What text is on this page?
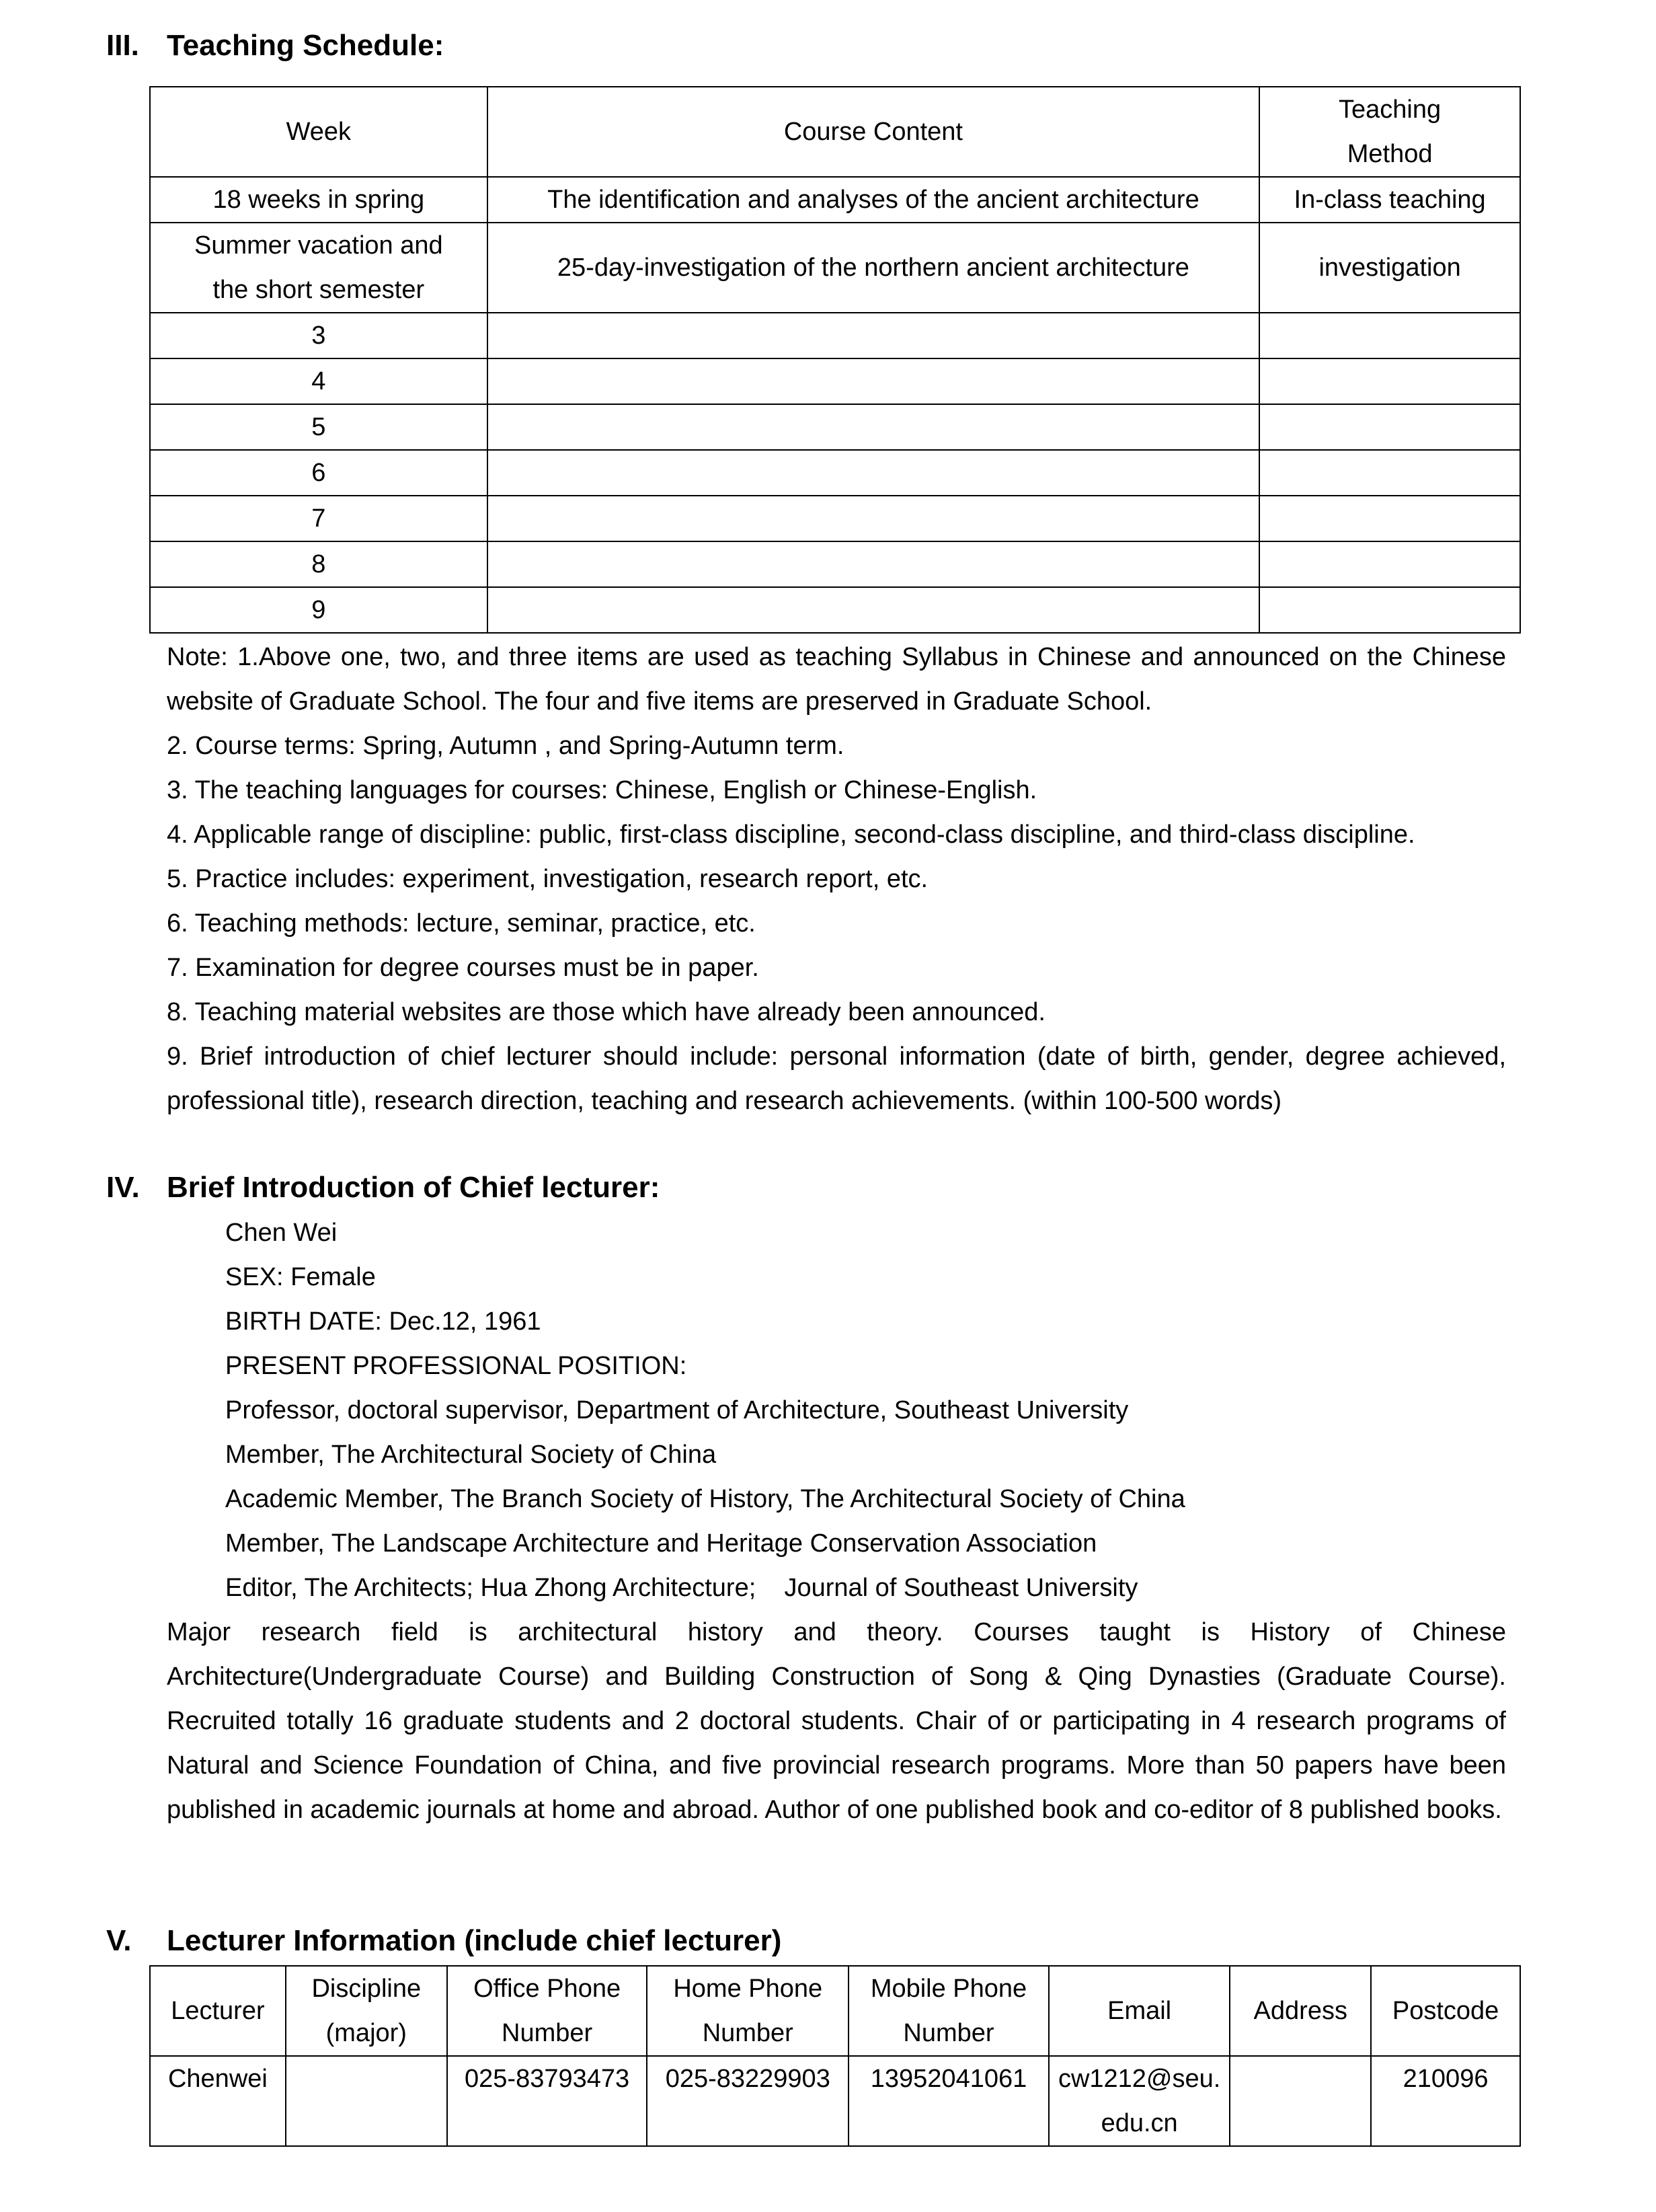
III. Teaching Schedule:
Week	Course Content	Teaching Method
18 weeks in spring	The identification and analyses of the ancient architecture	In-class teaching
Summer vacation and the short semester	25-day-investigation of the northern ancient architecture	investigation
3		
4		
5		
6		
7		
8		
9		

Note: 1.Above one, two, and three items are used as teaching Syllabus in Chinese and announced on the Chinese website of Graduate School. The four and five items are preserved in Graduate School.

2. Course terms: Spring, Autumn , and Spring-Autumn term.

3. The teaching languages for courses: Chinese, English or Chinese-English.

4. Applicable range of discipline: public, first-class discipline, second-class discipline, and third-class discipline.

5. Practice includes: experiment, investigation, research report, etc.

6. Teaching methods: lecture, seminar, practice, etc.

7. Examination for degree courses must be in paper.

8. Teaching material websites are those which have already been announced.

9. Brief introduction of chief lecturer should include: personal information (date of birth, gender, degree achieved, professional title), research direction, teaching and research achievements. (within 100-500 words)

IV. Brief Introduction of Chief lecturer:

Chen Wei

SEX: Female

BIRTH DATE: Dec.12, 1961

PRESENT PROFESSIONAL POSITION:

Professor, doctoral supervisor, Department of Architecture, Southeast University

Member, The Architectural Society of China

Academic Member, The Branch Society of History, The Architectural Society of China

Member, The Landscape Architecture and Heritage Conservation Association

Editor, The Architects; Hua Zhong Architecture;    Journal of Southeast University

Major research field is architectural history and theory. Courses taught is History of Chinese Architecture(Undergraduate Course) and Building Construction of Song & Qing Dynasties (Graduate Course). Recruited totally 16 graduate students and 2 doctoral students. Chair of or participating in 4 research programs of Natural and Science Foundation of China, and five provincial research programs. More than 50 papers have been published in academic journals at home and abroad. Author of one published book and co-editor of 8 published books.

V. Lecturer Information (include chief lecturer)
Lecturer	Discipline (major)	Office Phone Number	Home Phone Number	Mobile Phone Number	Email	Address	Postcode
Chenwei		025-83793473	025-83229903	13952041061	cw1212@seu.edu.cn		210096
